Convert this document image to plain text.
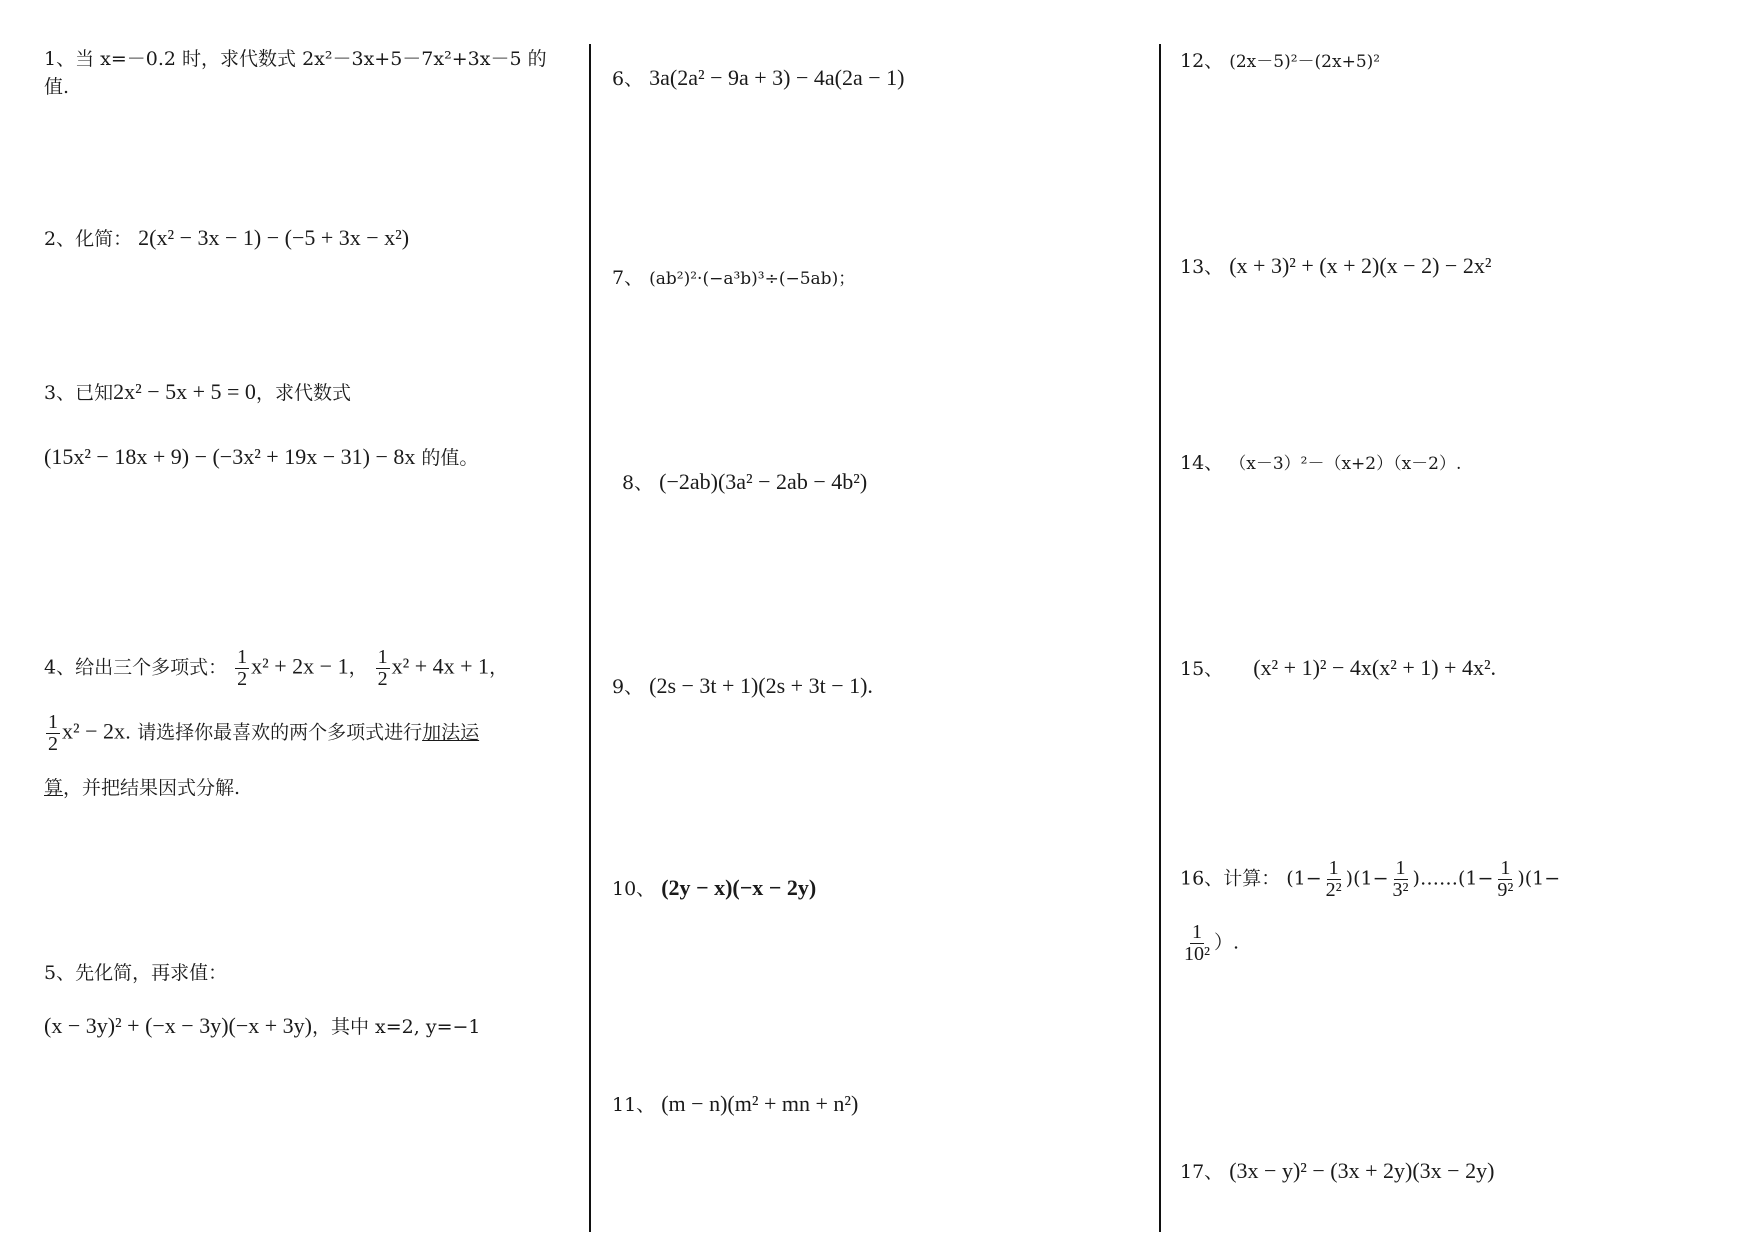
1、当 x=－0.2 时，求代数式 2x²－3x+5－7x²+3x－5 的
值.
2、化简： 2(x² − 3x − 1) − (−5 + 3x − x²)
3、已知2x² − 5x + 5 = 0，求代数式
(15x² − 18x + 9) − (−3x² + 19x − 31) − 8x 的值。
4、给出三个多项式： $\frac{1}{2} x^2 + 2x - 1$， $\frac{1}{2} x^2 + 4x + 1$，
$\frac{1}{2} x^2 - 2x$. 请选择你最喜欢的两个多项式进行加法运
算，并把结果因式分解.
5、先化简，再求值：
(x − 3y)² + (−x − 3y)(−x + 3y)，其中 x=2, y=−1
6、 3a(2a² − 9a + 3) − 4a(2a − 1)
7、 (ab²)²·(−a³b)³÷(−5ab)；
8、 (−2ab)(3a² − 2ab − 4b²)
9、 (2s − 3t + 1)(2s + 3t − 1).
10、 (2y − x)(−x − 2y)
11、 (m − n)(m² + mn + n²)
12、 (2x－5)²－(2x+5)²
13、 (x + 3)² + (x + 2)(x − 2) − 2x²
14、 （x－3）²－（x+2）（x－2）.
15、 (x² + 1)² − 4x(x² + 1) + 4x².
16、计算： $(1- \frac{1}{\text{2²}} )(1- \frac{1}{\text{3²}}$ )……(1− $\frac{1}{\text{9²}} )(1-$
$\frac{1}{\text{10²}}$ ）.
17、 (3x − y)² − (3x + 2y)(3x − 2y)
